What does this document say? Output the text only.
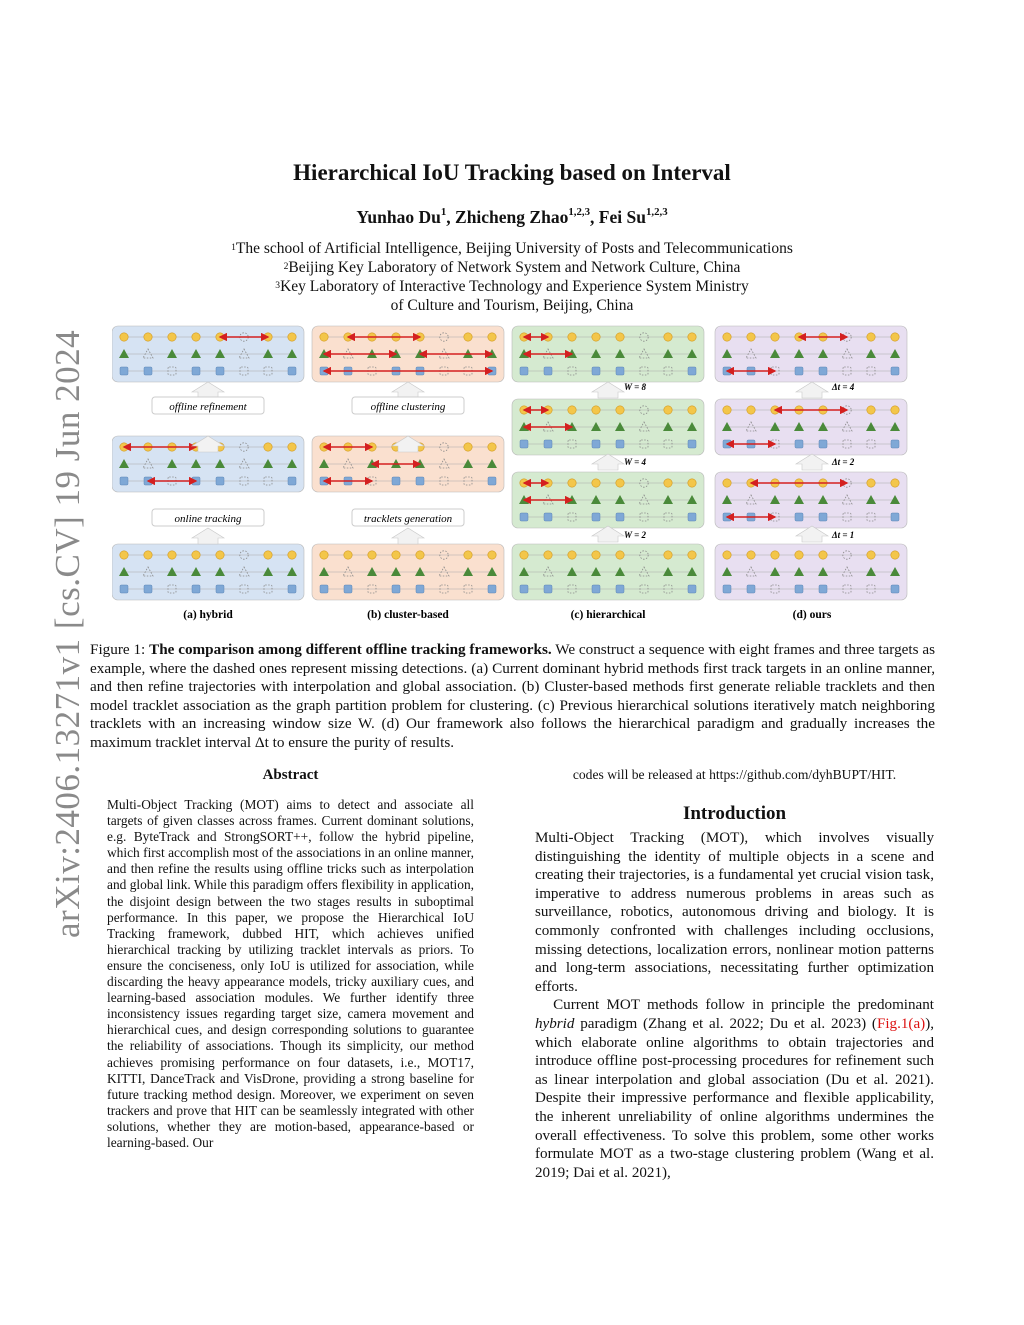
arXiv:2406.13271v1 [cs.CV] 19 Jun 2024
Hierarchical IoU Tracking based on Interval
Yunhao Du$^1$, Zhicheng Zhao$^{1,2,3}$, Fei Su$^{1,2,3}$
$^1$The school of Artificial Intelligence, Beijing University of Posts and Telecommunications
$^2$Beijing Key Laboratory of Network System and Network Culture, China
$^3$Key Laboratory of Interactive Technology and Experience System Ministry
of Culture and Tourism, Beijing, China
offline refinement
online tracking
offline clustering
tracklets generation
W = 8
W = 4
W = 2
Δt = 4
Δt = 2
Δt = 1
(a) hybrid	(b) cluster-based	(c) hierarchical	(d) ours
Figure 1: The comparison among different offline tracking frameworks. We construct a sequence with eight frames and three targets as example, where the dashed ones represent missing detections. (a) Current dominant hybrid methods first track targets in an online manner, and then refine trajectories with interpolation and global association. (b) Cluster-based methods first generate reliable tracklets and then model tracklet association as the graph partition problem for clustering. (c) Previous hierarchical solutions iteratively match neighboring tracklets with an increasing window size W. (d) Our framework also follows the hierarchical paradigm and gradually increases the maximum tracklet interval Δt to ensure the purity of results.
Abstract
Multi-Object Tracking (MOT) aims to detect and associate all targets of given classes across frames. Current dominant solutions, e.g. ByteTrack and StrongSORT++, follow the hybrid pipeline, which first accomplish most of the associations in an online manner, and then refine the results using offline tricks such as interpolation and global link. While this paradigm offers flexibility in application, the disjoint design between the two stages results in suboptimal performance. In this paper, we propose the Hierarchical IoU Tracking framework, dubbed HIT, which achieves unified hierarchical tracking by utilizing tracklet intervals as priors. To ensure the conciseness, only IoU is utilized for association, while discarding the heavy appearance models, tricky auxiliary cues, and learning-based association modules. We further identify three inconsistency issues regarding target size, camera movement and hierarchical cues, and design corresponding solutions to guarantee the reliability of associations. Though its simplicity, our method achieves promising performance on four datasets, i.e., MOT17, KITTI, DanceTrack and VisDrone, providing a strong baseline for future tracking method design. Moreover, we experiment on seven trackers and prove that HIT can be seamlessly integrated with other solutions, whether they are motion-based, appearance-based or learning-based. Our
codes will be released at https://github.com/dyhBUPT/HIT.
Introduction

Multi-Object Tracking (MOT), which involves visually distinguishing the identity of multiple objects in a scene and creating their trajectories, is a fundamental yet crucial vision task, imperative to address numerous problems in areas such as surveillance, robotics, autonomous driving and biology. It is commonly confronted with challenges including occlusions, missing detections, localization errors, nonlinear motion patterns and long-term associations, necessitating further optimization efforts.

Current MOT methods follow in principle the predominant hybrid paradigm (Zhang et al. 2022; Du et al. 2023) (Fig.1(a)), which elaborate online algorithms to obtain trajectories and introduce offline post-processing procedures for refinement such as linear interpolation and global association (Du et al. 2021). Despite their impressive performance and flexible applicability, the inherent unreliability of online algorithms undermines the overall effectiveness. To solve this problem, some other works formulate MOT as a two-stage clustering problem (Wang et al. 2019; Dai et al. 2021),
